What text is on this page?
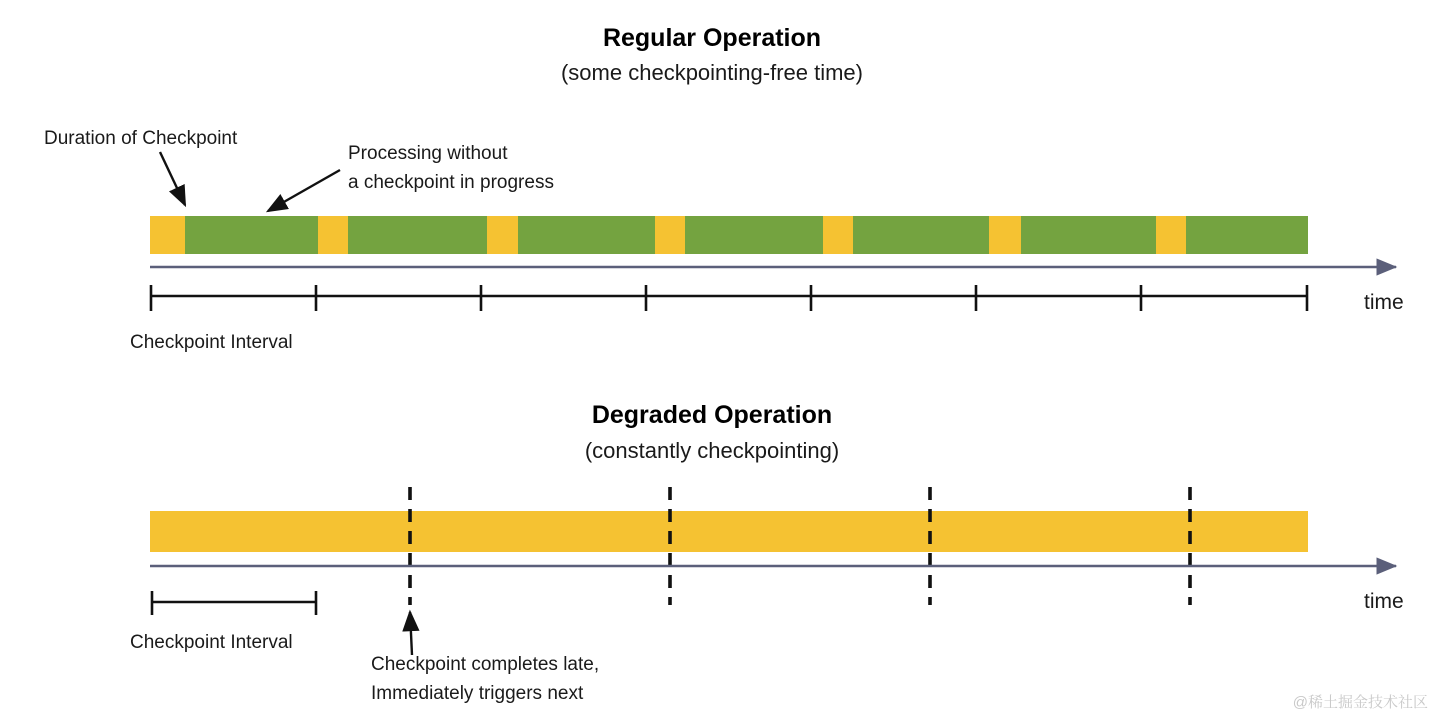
Regular Operation
(some checkpointing-free time)
Duration of Checkpoint
Processing without
a checkpoint in progress
time
Checkpoint Interval
Degraded Operation
(constantly checkpointing)
time
Checkpoint Interval
Checkpoint completes late,
Immediately triggers next	@稀土掘金技术社区
